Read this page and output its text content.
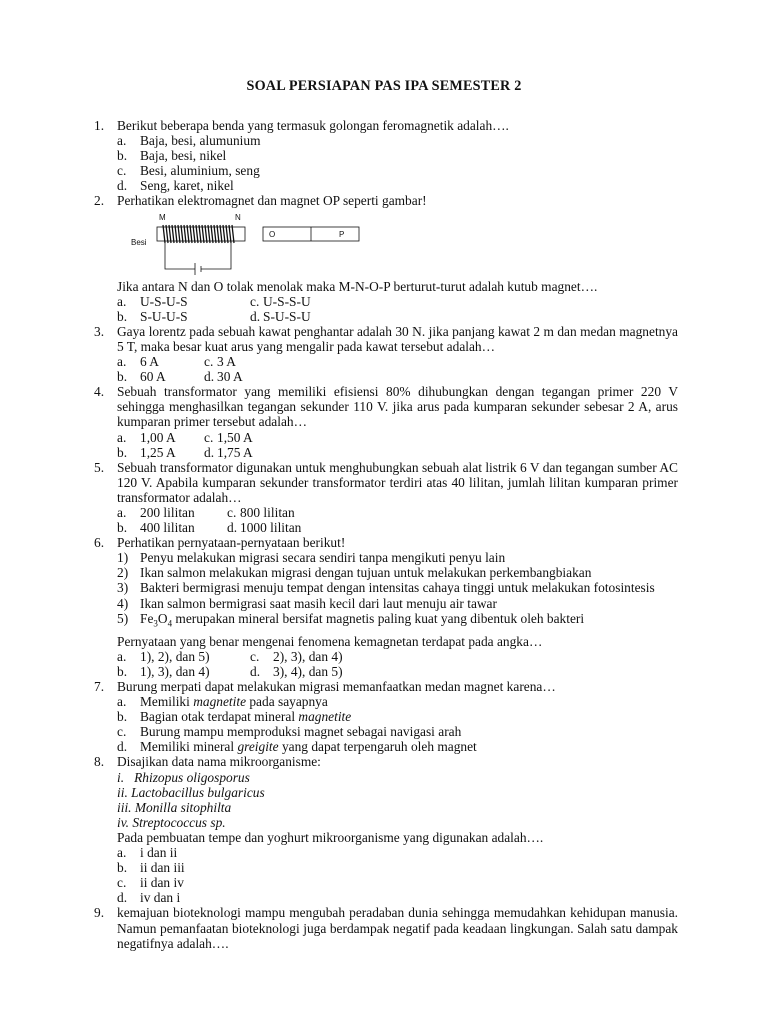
SOAL PERSIAPAN PAS IPA SEMESTER 2
1. Berikut beberapa benda yang termasuk golongan feromagnetik adalah….
a. Baja, besi, alumunium
b. Baja, besi, nikel
c. Besi, aluminium, seng
d. Seng, karet, nikel
2. Perhatikan elektromagnet dan magnet OP seperti gambar!
M	N
Besi
O	P
Jika antara N dan O tolak menolak maka M-N-O-P berturut-turut adalah kutub magnet….
a. U-S-U-S	c. U-S-S-U
b. S-U-U-S	d. S-U-S-U
3. Gaya lorentz pada sebuah kawat penghantar adalah 30 N. jika panjang kawat 2 m dan medan magnetnya 5 T, maka besar kuat arus yang mengalir pada kawat tersebut adalah…
a. 6 A	c. 3 A
b. 60 A	d. 30 A
4. Sebuah transformator yang memiliki efisiensi 80% dihubungkan dengan tegangan primer 220 V sehingga menghasilkan tegangan sekunder 110 V. jika arus pada kumparan sekunder sebesar 2 A, arus kumparan primer tersebut adalah…
a. 1,00 A c. 1,50 A
b. 1,25 A d. 1,75 A
5. Sebuah transformator digunakan untuk menghubungkan sebuah alat listrik 6 V dan tegangan sumber AC 120 V. Apabila kumparan sekunder transformator terdiri atas 40 lilitan, jumlah lilitan kumparan primer transformator adalah…
a. 200 lilitan c. 800 lilitan
b. 400 lilitan d. 1000 lilitan
6. Perhatikan pernyataan-pernyataan berikut!
1) Penyu melakukan migrasi secara sendiri tanpa mengikuti penyu lain
2) Ikan salmon melakukan migrasi dengan tujuan untuk melakukan perkembangbiakan
3) Bakteri bermigrasi menuju tempat dengan intensitas cahaya tinggi untuk melakukan fotosintesis
4) Ikan salmon bermigrasi saat masih kecil dari laut menuju air tawar
5) $Fe_3O_4$ merupakan mineral bersifat magnetis paling kuat yang dibentuk oleh bakteri
Pernyataan yang benar mengenai fenomena kemagnetan terdapat pada angka…
a. 1), 2), dan 5)	c. 2), 3), dan 4)
b. 1), 3), dan 4)	d. 3), 4), dan 5)
7. Burung merpati dapat melakukan migrasi memanfaatkan medan magnet karena…
a. Memiliki magnetite pada sayapnya
b. Bagian otak terdapat mineral magnetite
c. Burung mampu memproduksi magnet sebagai navigasi arah
d. Memiliki mineral greigite yang dapat terpengaruh oleh magnet
8. Disajikan data nama mikroorganisme:
i. Rhizopus oligosporus
ii. Lactobacillus bulgaricus
iii. Monilla sitophilta
iv. Streptococcus sp.
Pada pembuatan tempe dan yoghurt mikroorganisme yang digunakan adalah….
a. i dan ii
b. ii dan iii
c. ii dan iv
d. iv dan i
9. kemajuan bioteknologi mampu mengubah peradaban dunia sehingga memudahkan kehidupan manusia. Namun pemanfaatan bioteknologi juga berdampak negatif pada keadaan lingkungan. Salah satu dampak negatifnya adalah….
